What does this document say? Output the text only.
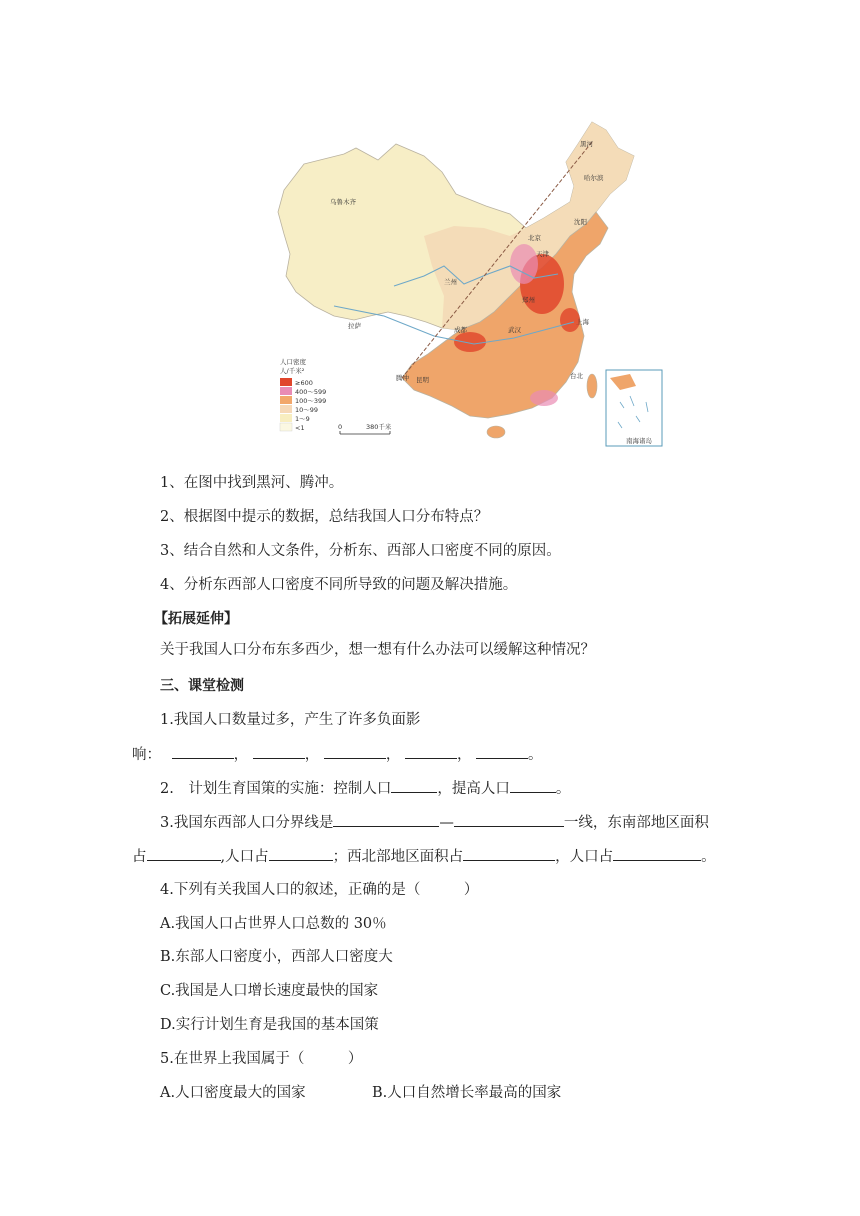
黑河
哈尔滨
沈阳
乌鲁木齐
北京
天津
兰州
郑州
上海
武汉
拉萨	成都
腾冲 昆明	台北
人口密度
人/千米²
≥600
400～599
100～399
10～99
1～9
<1	0	380千米
南海诸岛
1、在图中找到黑河、腾冲。
2、根据图中提示的数据，总结我国人口分布特点？
3、结合自然和人文条件，分析东、西部人口密度不同的原因。
4、分析东西部人口密度不同所导致的问题及解决措施。
【拓展延伸】
关于我国人口分布东多西少，想一想有什么办法可以缓解这种情况？
三、课堂检测
1.我国人口数量过多，产生了许多负面影
响：	，	，	，	，	。
2.　计划生育国策的实施：控制人口	，提高人口	。
3.我国东西部人口分界线是	—	一线，东南部地区面积
占	,人口占	；西北部地区面积占	，人口占	。
4.下列有关我国人口的叙述，正确的是（　　　）
A.我国人口占世界人口总数的 30％
B.东部人口密度小，西部人口密度大
C.我国是人口增长速度最快的国家
D.实行计划生育是我国的基本国策
5.在世界上我国属于（　　　）
A.人口密度最大的国家	B.人口自然增长率最高的国家
